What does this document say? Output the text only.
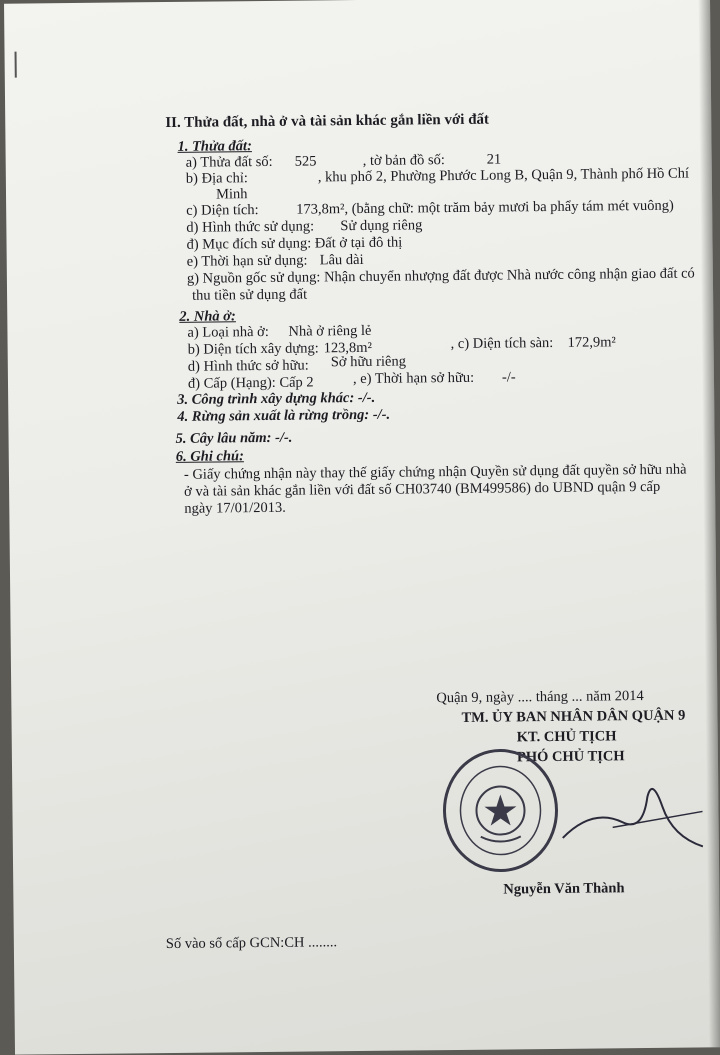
II. Thửa đất, nhà ở và tài sản khác gắn liền với đất
1. Thửa đất:
a) Thửa đất số: 525	, tờ bản đồ số:	21
b) Địa chỉ:	, khu phố 2, Phường Phước Long B, Quận 9, Thành phố Hồ Chí
Minh
c) Diện tích:	173,8m², (bằng chữ: một trăm bảy mươi ba phẩy tám mét vuông)
d) Hình thức sử dụng: Sử dụng riêng
đ) Mục đích sử dụng: Đất ở tại đô thị
e) Thời hạn sử dụng: Lâu dài
g) Nguồn gốc sử dụng: Nhận chuyển nhượng đất được Nhà nước công nhận giao đất có
thu tiền sử dụng đất
2. Nhà ở:
a) Loại nhà ở: Nhà ở riêng lẻ
b) Diện tích xây dựng: 123,8m²	, c) Diện tích sàn: 172,9m²
d) Hình thức sở hữu: Sở hữu riêng
đ) Cấp (Hạng): Cấp 2	, e) Thời hạn sở hữu: -/-
3. Công trình xây dựng khác: -/-.
4. Rừng sản xuất là rừng trồng: -/-.
5. Cây lâu năm: -/-.
6. Ghi chú:
- Giấy chứng nhận này thay thế giấy chứng nhận Quyền sử dụng đất quyền sở hữu nhà
ở và tài sản khác gắn liền với đất số CH03740 (BM499586) do UBND quận 9 cấp
ngày 17/01/2013.
Quận 9, ngày .... tháng ... năm 2014
TM. ỦY BAN NHÂN DÂN QUẬN 9
KT. CHỦ TỊCH
PHÓ CHỦ TỊCH
Nguyễn Văn Thành
Số vào sổ cấp GCN:CH ........
